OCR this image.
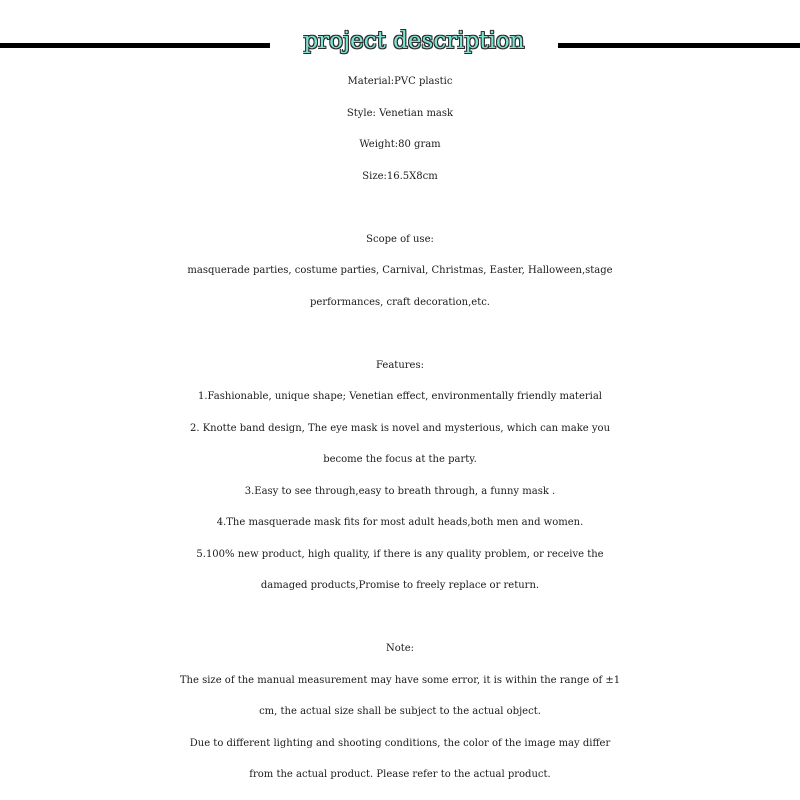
project description
Material:PVC plastic
Style: Venetian mask
Weight:80 gram
Size:16.5X8cm
Scope of use:
masquerade parties, costume parties, Carnival, Christmas, Easter, Halloween,stage
performances, craft decoration,etc.
Features:
1.Fashionable, unique shape; Venetian effect, environmentally friendly material
2. Knotte band design, The eye mask is novel and mysterious, which can make you
become the focus at the party.
3.Easy to see through,easy to breath through, a funny mask .
4.The masquerade mask fits for most adult heads,both men and women.
5.100% new product, high quality, if there is any quality problem, or receive the
damaged products,Promise to freely replace or return.
Note:
The size of the manual measurement may have some error, it is within the range of ±1
cm, the actual size shall be subject to the actual object.
Due to different lighting and shooting conditions, the color of the image may differ
from the actual product. Please refer to the actual product.
